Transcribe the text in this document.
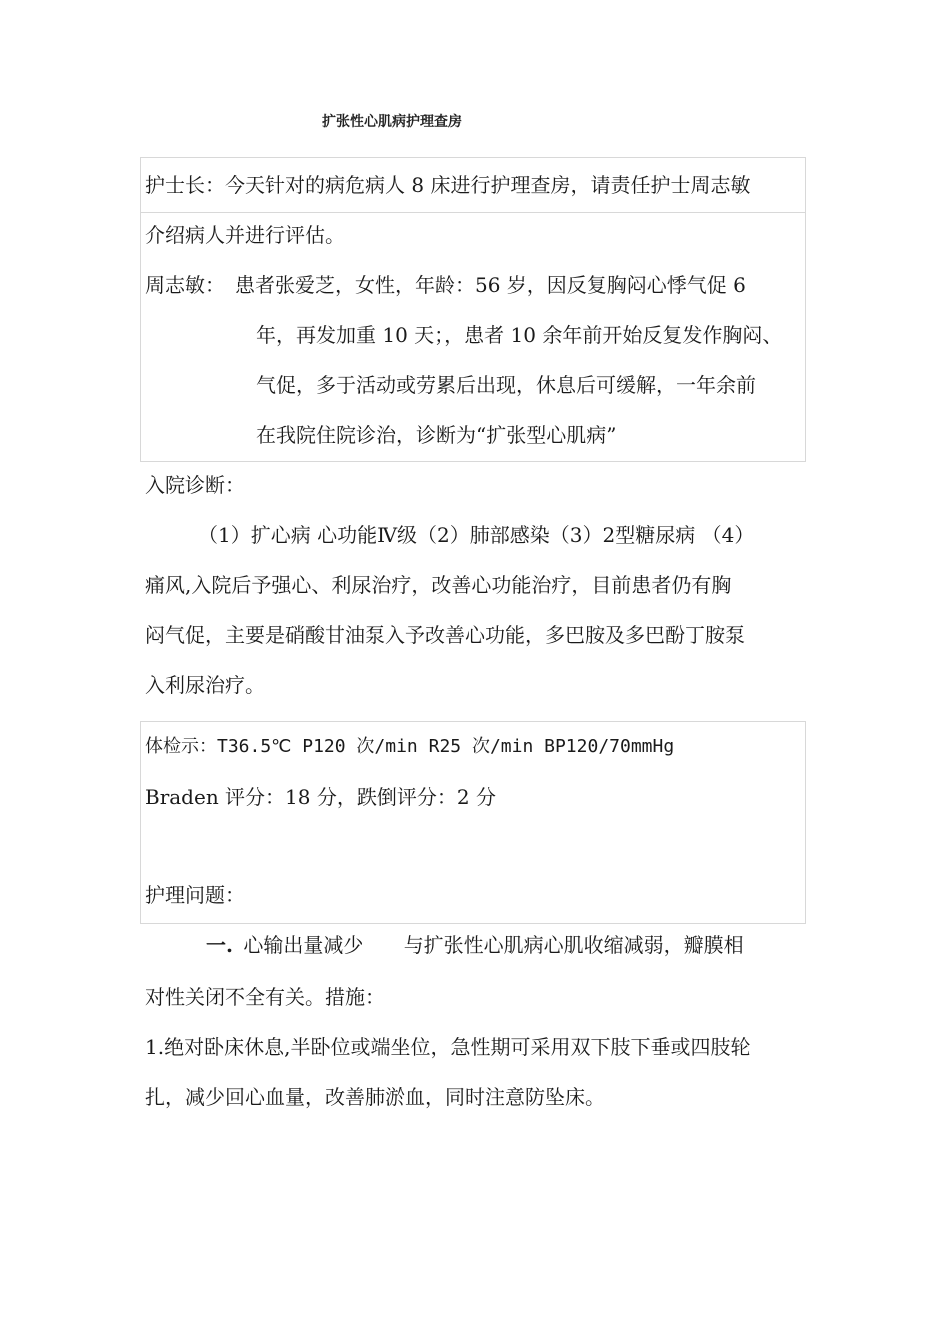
扩张性心肌病护理查房
护士长：今天针对的病危病人 8 床进行护理查房，请责任护士周志敏
介绍病人并进行评估。
周志敏： 患者张爱芝，女性，年龄：56 岁，因反复胸闷心悸气促 6
年，再发加重 10 天；，患者 10 余年前开始反复发作胸闷、
气促，多于活动或劳累后出现，休息后可缓解，一年余前
在我院住院诊治，诊断为“扩张型心肌病”
入院诊断：
（1）扩心病 心功能Ⅳ级（2）肺部感染（3）2型糖尿病 （4）
痛风,入院后予强心、利尿治疗，改善心功能治疗，目前患者仍有胸
闷气促，主要是硝酸甘油泵入予改善心功能，多巴胺及多巴酚丁胺泵
入利尿治疗。
体检示：T36.5℃ P120 次/min R25 次/min BP120/70mmHg
Braden 评分：18 分，跌倒评分：2 分
护理问题：
一. 心输出量减少 与扩张性心肌病心肌收缩减弱，瓣膜相
对性关闭不全有关。措施：
1.绝对卧床休息,半卧位或端坐位，急性期可采用双下肢下垂或四肢轮
扎，减少回心血量，改善肺淤血，同时注意防坠床。
